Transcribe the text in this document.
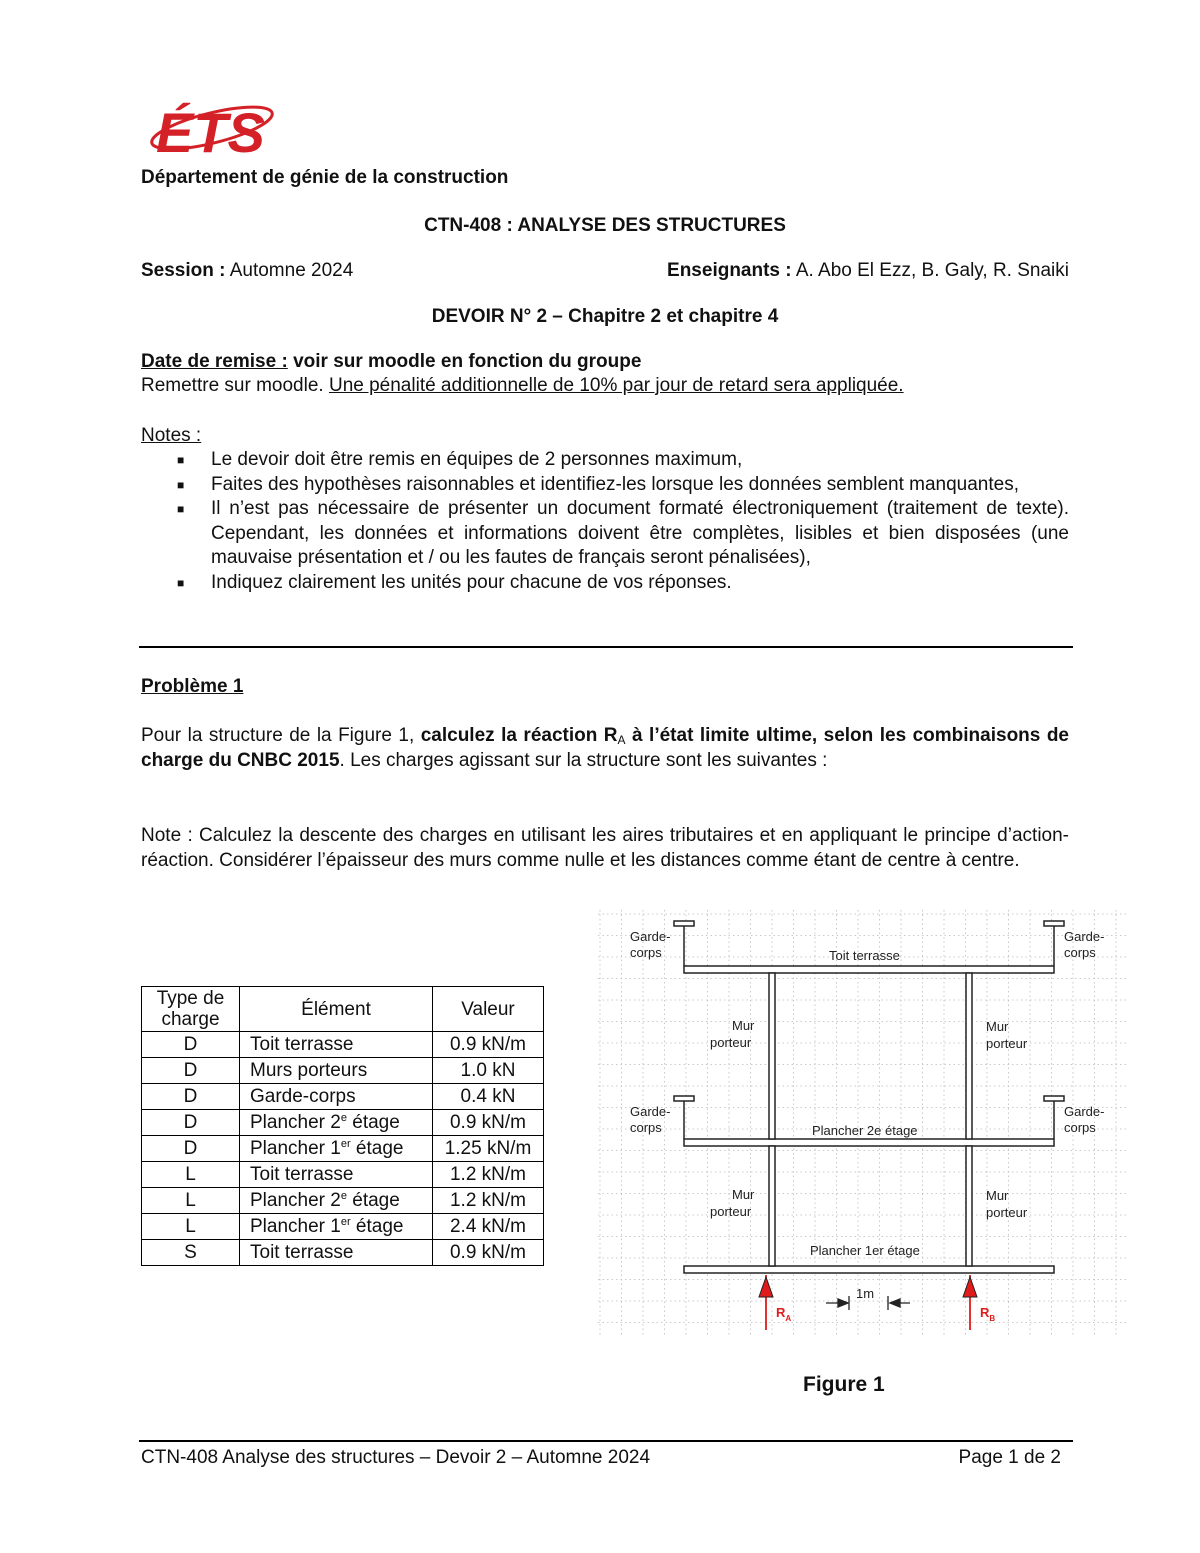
ÉTS
Département de génie de la construction
CTN-408 : ANALYSE DES STRUCTURES
Session : Automne 2024	Enseignants : A. Abo El Ezz, B. Galy, R. Snaiki
DEVOIR N° 2 – Chapitre 2 et chapitre 4
Date de remise : voir sur moodle en fonction du groupe
Remettre sur moodle. Une pénalité additionnelle de 10% par jour de retard sera appliquée.
Notes :
■ Le devoir doit être remis en équipes de 2 personnes maximum,
■ Faites des hypothèses raisonnables et identifiez-les lorsque les données semblent manquantes,
■ Il n’est pas nécessaire de présenter un document formaté électroniquement (traitement de texte). Cependant, les données et informations doivent être complètes, lisibles et bien disposées (une mauvaise présentation et / ou les fautes de français seront pénalisées),
■ Indiquez clairement les unités pour chacune de vos réponses.
Problème 1
Pour la structure de la Figure 1, calculez la réaction $R_A$ à l’état limite ultime, selon les combinaisons de charge du CNBC 2015. Les charges agissant sur la structure sont les suivantes :
Note : Calculez la descente des charges en utilisant les aires tributaires et en appliquant le principe d’action-réaction. Considérer l’épaisseur des murs comme nulle et les distances comme étant de centre à centre.
Type de charge	Élément	Valeur
D	Toit terrasse	0.9 kN/m
D	Murs porteurs	1.0 kN
D	Garde-corps	0.4 kN
D	Plancher 2e étage	0.9 kN/m
D	Plancher 1er étage	1.25 kN/m
L	Toit terrasse	1.2 kN/m
L	Plancher 2e étage	1.2 kN/m
L	Plancher 1er étage	2.4 kN/m
S	Toit terrasse	0.9 kN/m
Garde-
corps
Garde-
corps
Toit terrasse
Mur
porteur
Mur
porteur
Garde-
corps
Garde-
corps
Plancher 2e étage
Mur
porteur
Mur
porteur
Plancher 1er étage
1m
$R_A$	$R_B$
Figure 1
CTN-408 Analyse des structures – Devoir 2 – Automne 2024	Page 1 de 2
